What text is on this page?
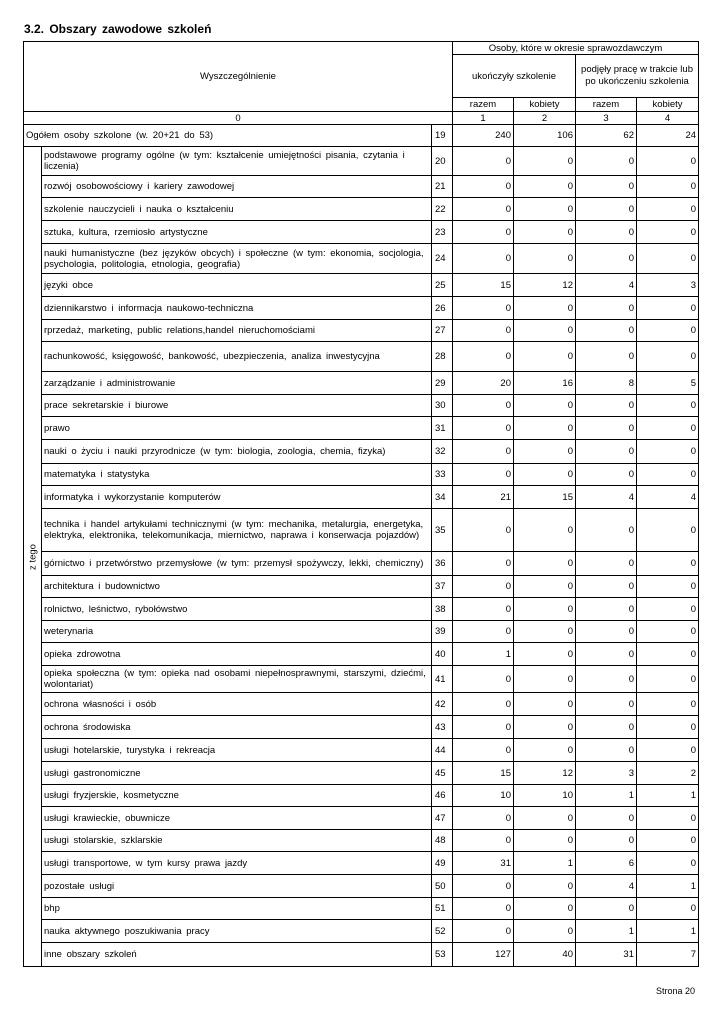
3.2. Obszary zawodowe szkoleń
Wyszczególnienie			Osoby, które w okresie sprawozdawczym			
			ukończyły szkolenie		podjęły pracę w trakcie lub po ukończeniu szkolenia	
			razem	kobiety	razem	kobiety
0			1	2	3	4
Ogółem osoby szkolone (w. 20+21 do 53)		19	240	106	62	24

z tego	podstawowe programy ogólne (w tym: kształcenie umiejętności pisania, czytania i liczenia)	20	0	0	0	0
	rozwój osobowościowy i kariery zawodowej	21	0	0	0	0
	szkolenie nauczycieli i nauka o kształceniu	22	0	0	0	0
	sztuka, kultura, rzemiosło artystyczne	23	0	0	0	0
	nauki humanistyczne (bez języków obcych) i społeczne (w tym: ekonomia, socjologia, psychologia, politologia, etnologia, geografia)	24	0	0	0	0
	języki obce	25	15	12	4	3
	dziennikarstwo i informacja naukowo-techniczna	26	0	0	0	0
	rprzedaż, marketing, public relations,handel nieruchomościami	27	0	0	0	0
	rachunkowość, księgowość, bankowość, ubezpieczenia, analiza inwestycyjna	28	0	0	0	0
	zarządzanie i administrowanie	29	20	16	8	5
	prace sekretarskie i biurowe	30	0	0	0	0
	prawo	31	0	0	0	0
	nauki o życiu i nauki przyrodnicze (w tym: biologia, zoologia, chemia, fizyka)	32	0	0	0	0
	matematyka i statystyka	33	0	0	0	0
	informatyka i wykorzystanie komputerów	34	21	15	4	4
	technika i handel artykułami technicznymi (w tym: mechanika, metalurgia, energetyka, elektryka, elektronika, telekomunikacja, miernictwo, naprawa i konserwacja pojazdów)	35	0	0	0	0
	górnictwo i przetwórstwo przemysłowe (w tym: przemysł spożywczy, lekki, chemiczny)	36	0	0	0	0
	architektura i budownictwo	37	0	0	0	0
	rolnictwo, leśnictwo, rybołówstwo	38	0	0	0	0
	weterynaria	39	0	0	0	0
	opieka zdrowotna	40	1	0	0	0
	opieka społeczna (w tym: opieka nad osobami niepełnosprawnymi, starszymi, dziećmi, wolontariat)	41	0	0	0	0
	ochrona własności i osób	42	0	0	0	0
	ochrona środowiska	43	0	0	0	0
	usługi hotelarskie, turystyka i rekreacja	44	0	0	0	0
	usługi gastronomiczne	45	15	12	3	2
	usługi fryzjerskie, kosmetyczne	46	10	10	1	1
	usługi krawieckie, obuwnicze	47	0	0	0	0
	usługi stolarskie, szklarskie	48	0	0	0	0
	usługi transportowe, w tym kursy prawa jazdy	49	31	1	6	0
	pozostałe usługi	50	0	0	4	1
	bhp	51	0	0	0	0
	nauka aktywnego poszukiwania pracy	52	0	0	1	1
	inne obszary szkoleń	53	127	40	31	7
Strona 20
